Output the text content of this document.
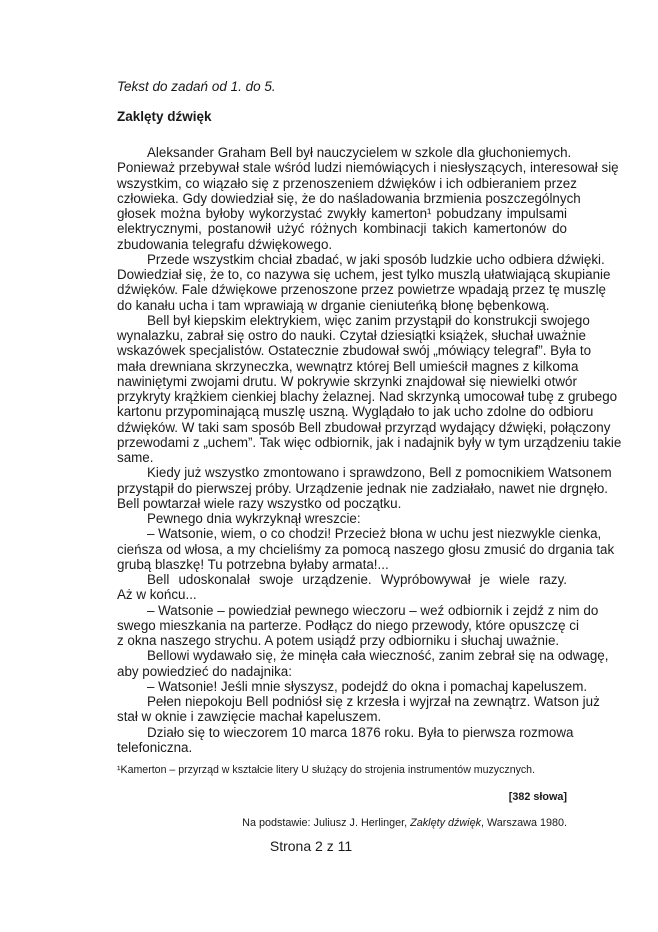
Tekst do zadań od 1. do 5.
Zaklęty dźwięk
Aleksander Graham Bell był nauczycielem w szkole dla głuchoniemych.
Ponieważ przebywał stale wśród ludzi niemówiących i niesłyszących, interesował się
wszystkim, co wiązało się z przenoszeniem dźwięków i ich odbieraniem przez
człowieka. Gdy dowiedział się, że do naśladowania brzmienia poszczególnych
głosek można byłoby wykorzystać zwykły kamerton¹ pobudzany impulsami
elektrycznymi, postanowił użyć różnych kombinacji takich kamertonów do
zbudowania telegrafu dźwiękowego.
Przede wszystkim chciał zbadać, w jaki sposób ludzkie ucho odbiera dźwięki.
Dowiedział się, że to, co nazywa się uchem, jest tylko muszlą ułatwiającą skupianie
dźwięków. Fale dźwiękowe przenoszone przez powietrze wpadają przez tę muszlę
do kanału ucha i tam wprawiają w drganie cieniuteńką błonę bębenkową.
Bell był kiepskim elektrykiem, więc zanim przystąpił do konstrukcji swojego
wynalazku, zabrał się ostro do nauki. Czytał dziesiątki książek, słuchał uważnie
wskazówek specjalistów. Ostatecznie zbudował swój „mówiący telegraf”. Była to
mała drewniana skrzyneczka, wewnątrz której Bell umieścił magnes z kilkoma
nawiniętymi zwojami drutu. W pokrywie skrzynki znajdował się niewielki otwór
przykryty krążkiem cienkiej blachy żelaznej. Nad skrzynką umocował tubę z grubego
kartonu przypominającą muszlę uszną. Wyglądało to jak ucho zdolne do odbioru
dźwięków. W taki sam sposób Bell zbudował przyrząd wydający dźwięki, połączony
przewodami z „uchem”. Tak więc odbiornik, jak i nadajnik były w tym urządzeniu takie
same.
Kiedy już wszystko zmontowano i sprawdzono, Bell z pomocnikiem Watsonem
przystąpił do pierwszej próby. Urządzenie jednak nie zadziałało, nawet nie drgnęło.
Bell powtarzał wiele razy wszystko od początku.
Pewnego dnia wykrzyknął wreszcie:
– Watsonie, wiem, o co chodzi! Przecież błona w uchu jest niezwykle cienka,
cieńsza od włosa, a my chcieliśmy za pomocą naszego głosu zmusić do drgania tak
grubą blaszkę! Tu potrzebna byłaby armata!...
Bell udoskonalał swoje urządzenie. Wypróbowywał je wiele razy.
Aż w końcu...
– Watsonie – powiedział pewnego wieczoru – weź odbiornik i zejdź z nim do
swego mieszkania na parterze. Podłącz do niego przewody, które opuszczę ci
z okna naszego strychu. A potem usiądź przy odbiorniku i słuchaj uważnie.
Bellowi wydawało się, że minęła cała wieczność, zanim zebrał się na odwagę,
aby powiedzieć do nadajnika:
– Watsonie! Jeśli mnie słyszysz, podejdź do okna i pomachaj kapeluszem.
Pełen niepokoju Bell podniósł się z krzesła i wyjrzał na zewnątrz. Watson już
stał w oknie i zawzięcie machał kapeluszem.
Działo się to wieczorem 10 marca 1876 roku. Była to pierwsza rozmowa
telefoniczna.
¹Kamerton – przyrząd w kształcie litery U służący do strojenia instrumentów muzycznych.
[382 słowa]
Na podstawie: Juliusz J. Herlinger, Zaklęty dźwięk, Warszawa 1980.
Strona 2 z 11
